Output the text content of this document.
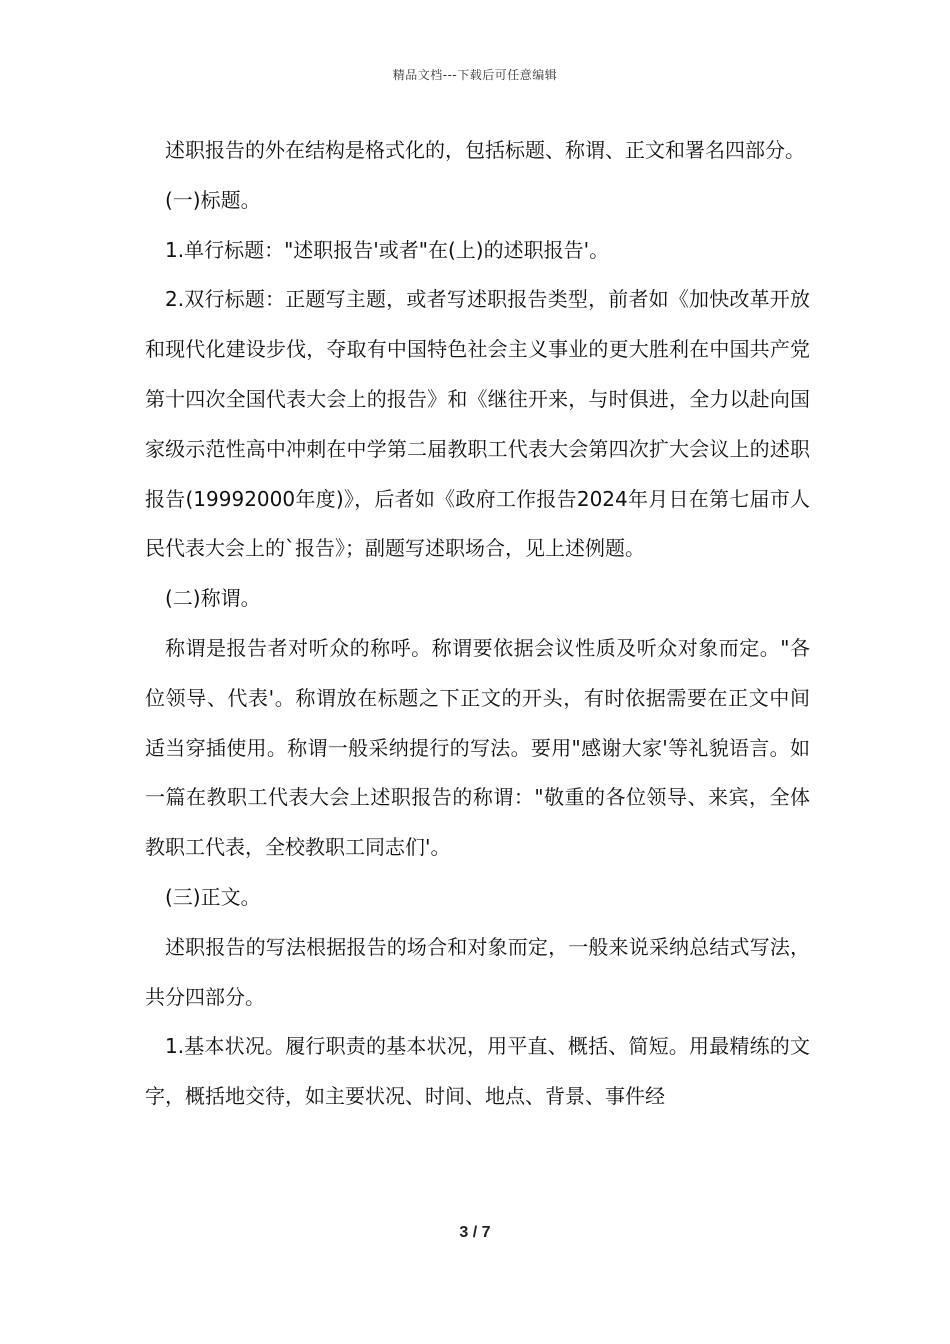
精品文档---下载后可任意编辑

述职报告的外在结构是格式化的，包括标题、称谓、正文和署名四部分。

(一)标题。

1.单行标题："述职报告'或者"在(上)的述职报告'。

2.双行标题：正题写主题，或者写述职报告类型，前者如《加快改革开放和现代化建设步伐，夺取有中国特色社会主义事业的更大胜利在中国共产党第十四次全国代表大会上的报告》和《继往开来，与时俱进，全力以赴向国家级示范性高中冲刺在中学第二届教职工代表大会第四次扩大会议上的述职报告(19992000年度)》，后者如《政府工作报告2024年月日在第七届市人民代表大会上的`报告》；副题写述职场合，见上述例题。

(二)称谓。

称谓是报告者对听众的称呼。称谓要依据会议性质及听众对象而定。"各位领导、代表'。称谓放在标题之下正文的开头，有时依据需要在正文中间适当穿插使用。称谓一般采纳提行的写法。要用"感谢大家'等礼貌语言。如一篇在教职工代表大会上述职报告的称谓："敬重的各位领导、来宾，全体教职工代表，全校教职工同志们'。

(三)正文。

述职报告的写法根据报告的场合和对象而定，一般来说采纳总结式写法，共分四部分。

1.基本状况。履行职责的基本状况，用平直、概括、简短。用最精练的文字，概括地交待，如主要状况、时间、地点、背景、事件经

3 / 7
